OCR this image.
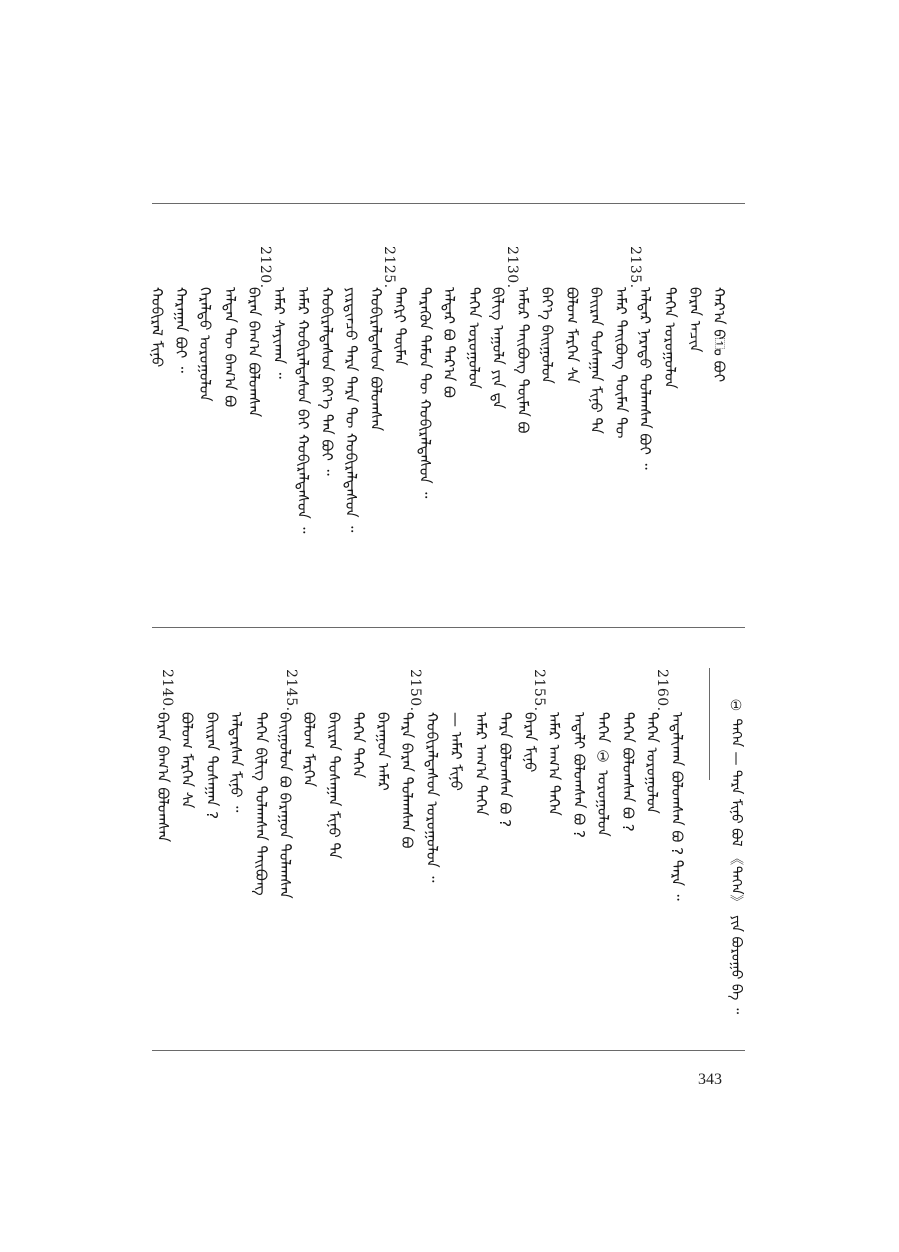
① ᠲᠡᠭᠡᠨ — ᠲᠡᠷᠡ ᠮᠢᠨᠤ ᠪᠣᠯ 《ᠲᠡᠭᠡᠨ》 ᠶᠢᠨ ᠪᠤᠷᠤᠭᠤ ᠪᠠ ᠃
ᠬᠠᠷ᠎ᠠ ᠪ᠋ᠣ ᠪᠤᠢ
ᠪᠠᠷᠠᠨ ᠠᠴᠢᠨ
ᠲᠡᠭᠡᠨ ᠤᠷᠤᠭᠤᠯᠤᠨ
ᠠᠯᠳᠠᠷ ᠨᠡᠷᠡᠲᠦ ᠲᠤᠯᠠᠭᠰᠠᠨ ᠪᠤᠢ ᠃
ᠠᠮᠠᠷ ᠲᠠᠢᠪᠤᠩ ᠲᠦᠮᠡᠨ ᠲᠦ
ᠪᠠᠢᠷᠠᠨ ᠲᠤᠰᠠᠭᠠᠨ ᠮᠢᠨᠤ ᠲᠠ
ᠪᠤᠯᠤᠭ ᠮᠡᠷᠭᠡᠨ ᠰᠠ
ᠪᠡᠶ᠎ᠡ ᠪᠠᠢᠭᠤᠯᠤᠨ
ᠠᠮᠤᠷ ᠲᠠᠢᠪᠤᠩ ᠲᠦᠮᠡᠨ ᠪᠣ
ᠪᠢᠯᠢᠭ ᠠᠭᠤᠯᠠ ᠶᠢᠨ ᠳᠠ
ᠲᠡᠭᠡᠨ ᠤᠷᠤᠭᠤᠯᠤᠨ
ᠠᠯᠳᠠᠷ ᠪᠣ ᠲᠠᠷ᠎ᠠ ᠪᠣ
ᠲᠡᠷᠡᠭᠦᠨ ᠲᠡᠮᠦᠨ ᠲᠦ ᠬᠤᠪᠢᠷᠠᠯᠲᠠᠰᠤᠨ ᠃
ᠲᠡᠩᠷᠢ ᠲᠦᠮᠡᠨ
ᠬᠤᠪᠢᠷᠠᠯᠲᠠᠰᠤᠨ ᠪᠤᠯᠤᠭᠰᠠᠨ
ᠶᠢᠷᠲᠢᠨᠴᠦ ᠲᠡᠷᠡ ᠲᠡᠷᠡ ᠲᠦ ᠬᠤᠪᠢᠷᠠᠯᠲᠠᠰᠤᠨ ᠃
ᠬᠤᠪᠢᠷᠠᠯᠲᠠᠰᠤᠨ ᠪᠡᠶ᠎ᠡ ᠲᠠᠨ ᠪᠤᠢ ᠃
ᠠᠮᠠᠷ ᠬᠤᠪᠢᠷᠠᠯᠲᠠᠰᠤᠨ ᠪᠠᠢ ᠬᠤᠪᠢᠷᠠᠯᠲᠠᠰᠤᠨ ᠃
ᠠᠮᠠᠷ ᠰᠠᠶᠢᠬᠠᠨ ᠃
ᠪᠠᠷᠠᠨ ᠪᠠᠭ᠎ᠠ ᠪᠤᠯᠤᠭᠰᠠᠨ
ᠠᠯᠲᠠᠨ ᠲᠦ ᠪᠠᠭ᠎ᠠ ᠪᠣ
ᠭᠡᠷᠡᠯᠲᠦ ᠤᠷᠤᠭᠤᠯᠤᠨ
ᠬᠠᠷᠠᠭᠠᠨ ᠪᠤᠢ ᠃
ᠬᠤᠪᠢᠷᠠᠯ ᠮᠢᠨᠤ
ᠠᠳᠠᠯᠢᠬᠠᠨ ᠪᠤᠯᠤᠭᠰᠠᠨ ᠪᠣ ? ᠲᠡᠷᠡ ᠃
ᠲᠡᠭᠡᠨ ᠤᠷᠤᠭᠤᠯᠤᠨ
ᠲᠡᠭᠡᠨ ᠪᠤᠯᠤᠭᠰᠠᠨ ᠪᠣ ?
ᠲᠡᠭᠡᠨ ① ᠤᠷᠤᠭᠤᠯᠤᠨ
ᠠᠳᠠᠯᠢ ᠪᠤᠯᠤᠭᠰᠠᠨ ᠪᠣ ?
ᠠᠮᠠᠷ ᠠᠭ᠎ᠠ ᠲᠡᠭᠡᠨ
ᠪᠠᠷᠠᠨ ᠮᠢᠨᠤ
ᠲᠡᠷᠡ ᠪᠤᠯᠤᠭᠰᠠᠨ ᠪᠣ ?
ᠠᠮᠠᠷ ᠠᠭ᠎ᠠ ᠲᠡᠭᠡᠨ
— ᠠᠮᠠᠷ ᠮᠢᠨᠤ
ᠬᠤᠪᠢᠷᠠᠯᠲᠠᠰᠤᠨ ᠤᠷᠤᠭᠤᠯᠤᠨ ᠃
ᠲᠡᠷᠡ ᠪᠠᠷᠠᠨ ᠲᠤᠯᠠᠭᠰᠠᠨ ᠪᠣ
ᠪᠠᠷᠠᠭᠤᠨ ᠠᠮᠠᠷ
ᠲᠡᠭᠡᠨ ᠲᠡᠭᠡᠨ
ᠪᠠᠢᠷᠠᠨ ᠲᠤᠰᠠᠭᠠᠨ ᠮᠢᠨᠤ ᠲᠠ
ᠪᠤᠯᠤᠭ ᠮᠡᠷᠭᠡᠨ
ᠪᠠᠢᠭᠤᠯᠤᠨ ᠪᠣ ᠪᠠᠷᠠᠭᠤᠨ ᠲᠤᠯᠠᠭᠰᠠᠨ
ᠲᠡᠭᠡᠨ ᠪᠢᠯᠢᠭ ᠲᠤᠯᠠᠭᠰᠠᠨ ᠲᠠᠢᠪᠤᠩ
ᠠᠯᠳᠠᠷᠰᠠᠨ ᠮᠢᠨᠤ ᠃
ᠪᠠᠢᠷᠠᠨ ᠲᠤᠰᠠᠭᠠᠨ ?
ᠪᠤᠯᠤᠭ ᠮᠡᠷᠭᠡᠨ ᠰᠠ
ᠪᠠᠷᠠᠨ ᠪᠠᠭ᠎ᠠ ᠪᠤᠯᠤᠭᠰᠠᠨ
2135.
2130.
2125.
2120.
2160.
2155.
2150.
2145.
2140.
343
